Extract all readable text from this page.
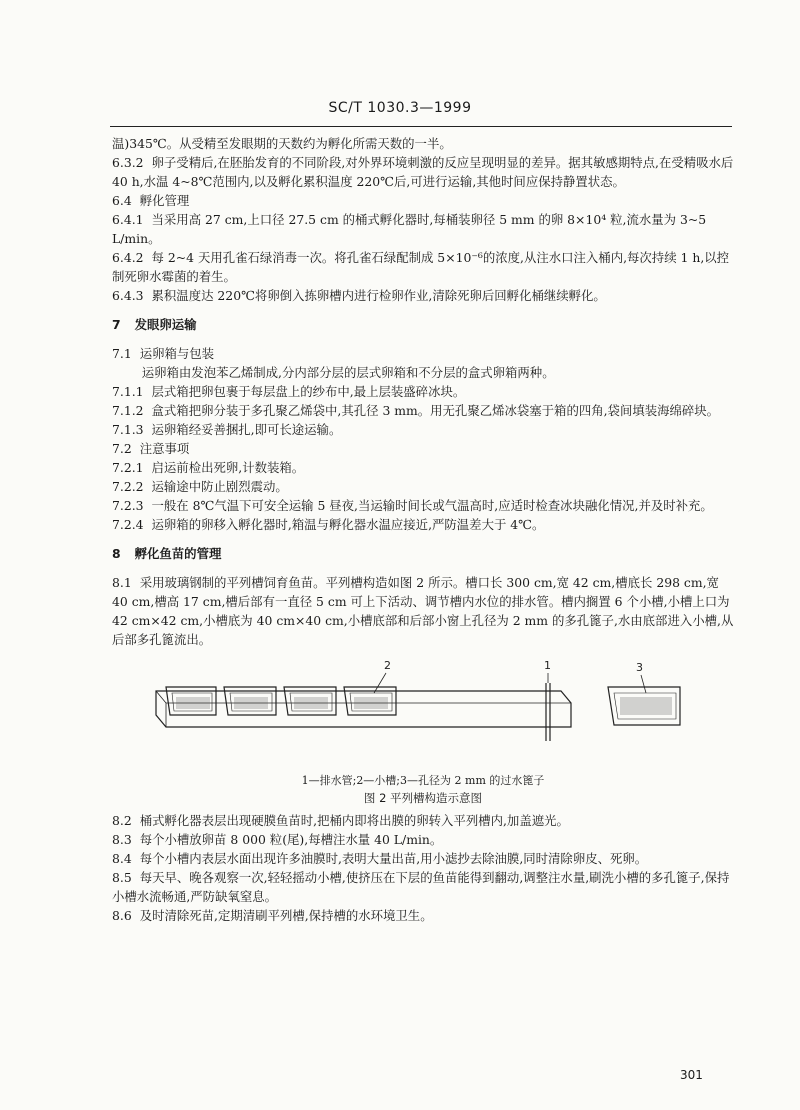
SC/T 1030.3—1999

温)345℃。从受精至发眼期的天数约为孵化所需天数的一半。

6.3.2 卵子受精后,在胚胎发育的不同阶段,对外界环境刺激的反应呈现明显的差异。据其敏感期特点,在受精吸水后 40 h,水温 4~8℃范围内,以及孵化累积温度 220℃后,可进行运输,其他时间应保持静置状态。

6.4 孵化管理

6.4.1 当采用高 27 cm,上口径 27.5 cm 的桶式孵化器时,每桶装卵径 5 mm 的卵 8×10⁴ 粒,流水量为 3~5 L/min。

6.4.2 每 2~4 天用孔雀石绿消毒一次。将孔雀石绿配制成 5×10⁻⁶的浓度,从注水口注入桶内,每次持续 1 h,以控制死卵水霉菌的着生。

6.4.3 累积温度达 220℃将卵倒入拣卵槽内进行检卵作业,清除死卵后回孵化桶继续孵化。

7 发眼卵运输

7.1 运卵箱与包装

运卵箱由发泡苯乙烯制成,分内部分层的层式卵箱和不分层的盒式卵箱两种。

7.1.1 层式箱把卵包裹于每层盘上的纱布中,最上层装盛碎冰块。

7.1.2 盒式箱把卵分装于多孔聚乙烯袋中,其孔径 3 mm。用无孔聚乙烯冰袋塞于箱的四角,袋间填装海绵碎块。

7.1.3 运卵箱经妥善捆扎,即可长途运输。

7.2 注意事项

7.2.1 启运前检出死卵,计数装箱。

7.2.2 运输途中防止剧烈震动。

7.2.3 一般在 8℃气温下可安全运输 5 昼夜,当运输时间长或气温高时,应适时检查冰块融化情况,并及时补充。

7.2.4 运卵箱的卵移入孵化器时,箱温与孵化器水温应接近,严防温差大于 4℃。

8 孵化鱼苗的管理

8.1 采用玻璃钢制的平列槽饲育鱼苗。平列槽构造如图 2 所示。槽口长 300 cm,宽 42 cm,槽底长 298 cm,宽 40 cm,槽高 17 cm,槽后部有一直径 5 cm 可上下活动、调节槽内水位的排水管。槽内搁置 6 个小槽,小槽上口为 42 cm×42 cm,小槽底为 40 cm×40 cm,小槽底部和后部小窗上孔径为 2 mm 的多孔篦子,水由底部进入小槽,从后部多孔篦流出。

1
2	3

1—排水管;2—小槽;3—孔径为 2 mm 的过水篦子

图 2 平列槽构造示意图

8.2 桶式孵化器表层出现硬膜鱼苗时,把桶内即将出膜的卵转入平列槽内,加盖遮光。

8.3 每个小槽放卵苗 8 000 粒(尾),每槽注水量 40 L/min。

8.4 每个小槽内表层水面出现许多油膜时,表明大量出苗,用小滤抄去除油膜,同时清除卵皮、死卵。

8.5 每天早、晚各观察一次,轻轻摇动小槽,使挤压在下层的鱼苗能得到翻动,调整注水量,刷洗小槽的多孔篦子,保持小槽水流畅通,严防缺氧窒息。

8.6 及时清除死苗,定期清刷平列槽,保持槽的水环境卫生。

301
